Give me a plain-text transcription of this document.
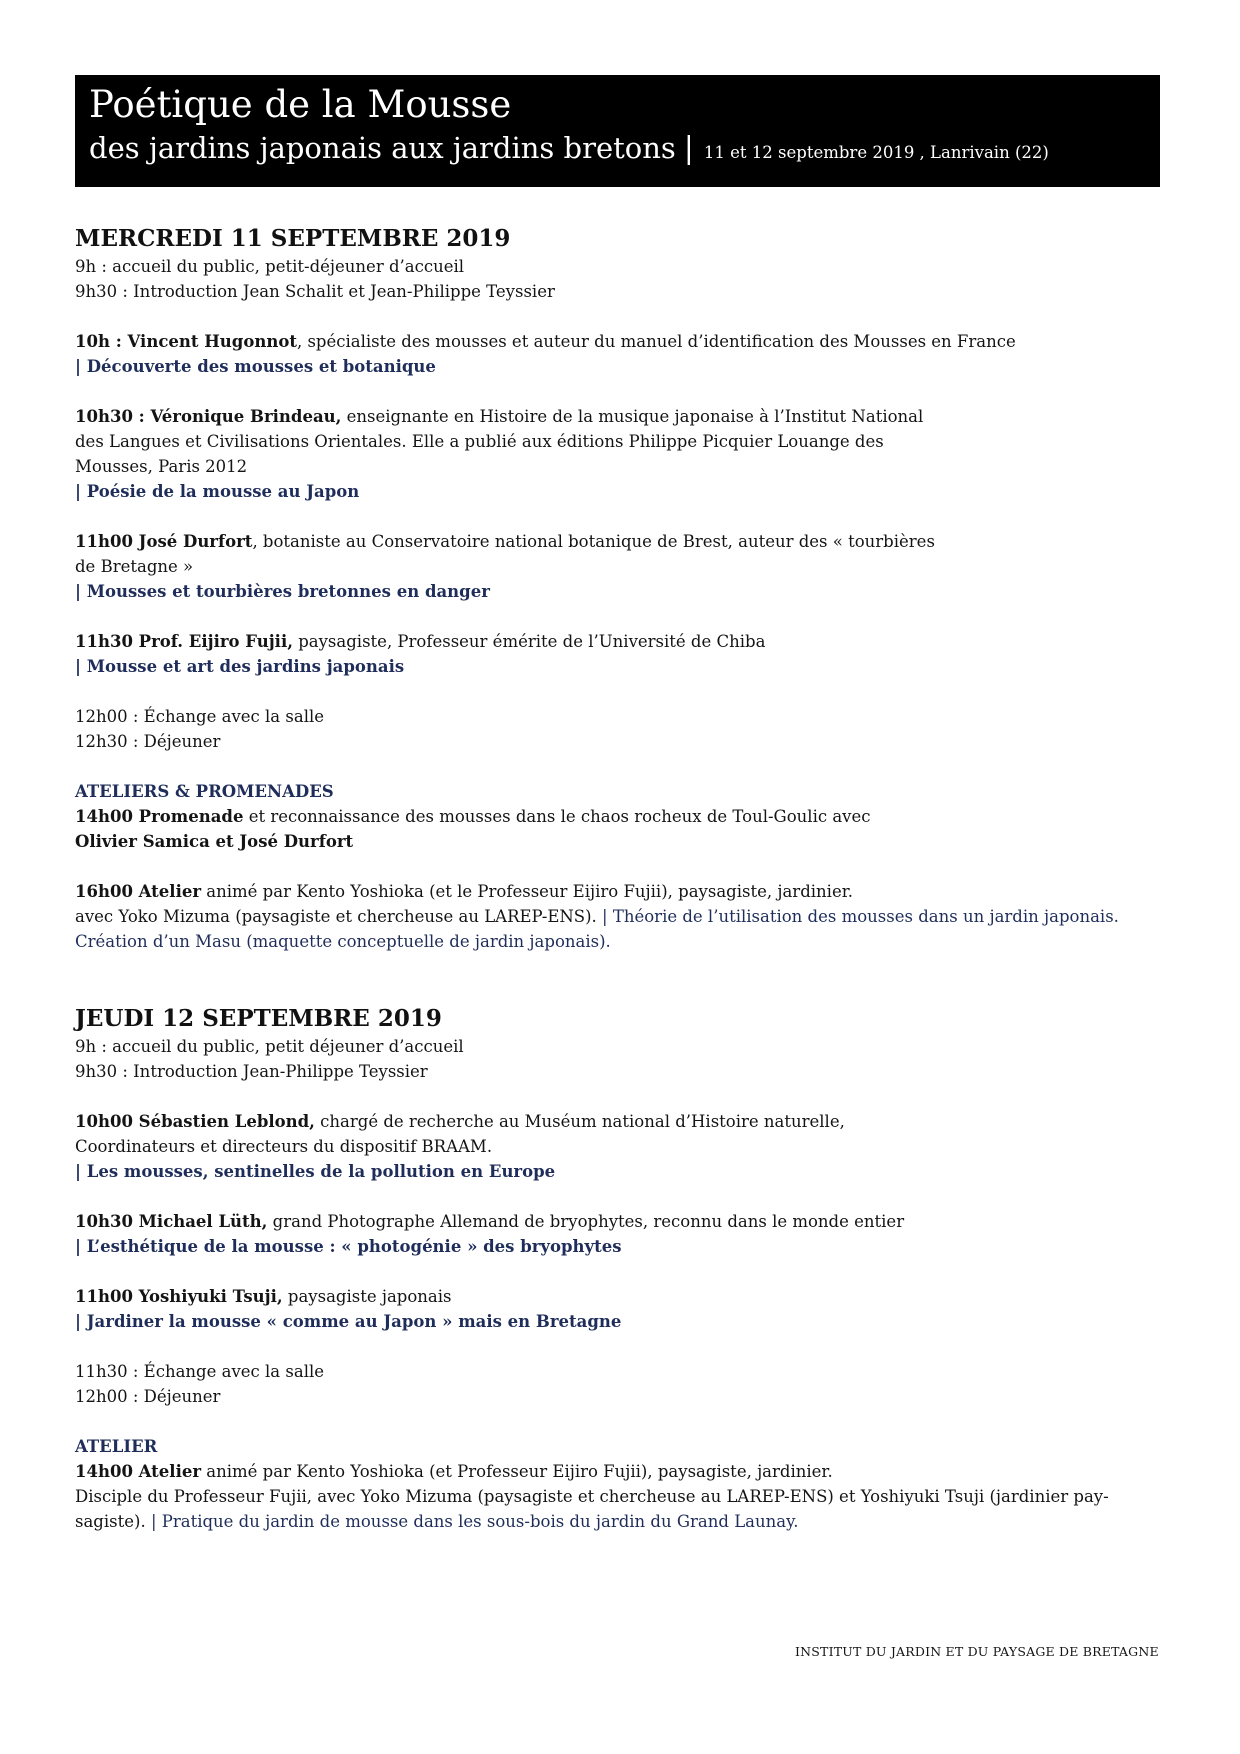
Poétique de la Mousse
des jardins japonais aux jardins bretons | 11 et 12 septembre 2019 , Lanrivain (22)
MERCREDI 11 SEPTEMBRE 2019
9h : accueil du public, petit-déjeuner d’accueil
9h30 : Introduction Jean Schalit et Jean-Philippe Teyssier
10h : Vincent Hugonnot, spécialiste des mousses et auteur du manuel d’identification des Mousses en France
| Découverte des mousses et botanique
10h30 : Véronique Brindeau, enseignante en Histoire de la musique japonaise à l’Institut National
des Langues et Civilisations Orientales. Elle a publié aux éditions Philippe Picquier Louange des
Mousses, Paris 2012
| Poésie de la mousse au Japon
11h00 José Durfort, botaniste au Conservatoire national botanique de Brest, auteur des « tourbières
de Bretagne »
| Mousses et tourbières bretonnes en danger
11h30 Prof. Eijiro Fujii, paysagiste, Professeur émérite de l’Université de Chiba
| Mousse et art des jardins japonais
12h00 : Échange avec la salle
12h30 : Déjeuner
ATELIERS & PROMENADES
14h00 Promenade et reconnaissance des mousses dans le chaos rocheux de Toul-Goulic avec
Olivier Samica et José Durfort
16h00 Atelier animé par Kento Yoshioka (et le Professeur Eijiro Fujii), paysagiste, jardinier.
avec Yoko Mizuma (paysagiste et chercheuse au LAREP-ENS). | Théorie de l’utilisation des mousses dans un jardin japonais.
Création d’un Masu (maquette conceptuelle de jardin japonais).
JEUDI 12 SEPTEMBRE 2019
9h : accueil du public, petit déjeuner d’accueil
9h30 : Introduction Jean-Philippe Teyssier
10h00 Sébastien Leblond, chargé de recherche au Muséum national d’Histoire naturelle,
Coordinateurs et directeurs du dispositif BRAAM.
| Les mousses, sentinelles de la pollution en Europe
10h30 Michael Lüth, grand Photographe Allemand de bryophytes, reconnu dans le monde entier
| L’esthétique de la mousse : « photogénie » des bryophytes
11h00 Yoshiyuki Tsuji, paysagiste japonais
| Jardiner la mousse « comme au Japon » mais en Bretagne
11h30 : Échange avec la salle
12h00 : Déjeuner
ATELIER
14h00 Atelier animé par Kento Yoshioka (et Professeur Eijiro Fujii), paysagiste, jardinier.
Disciple du Professeur Fujii, avec Yoko Mizuma (paysagiste et chercheuse au LAREP-ENS) et Yoshiyuki Tsuji (jardinier pay-
sagiste). | Pratique du jardin de mousse dans les sous-bois du jardin du Grand Launay.
INSTITUT DU JARDIN ET DU PAYSAGE DE BRETAGNE
